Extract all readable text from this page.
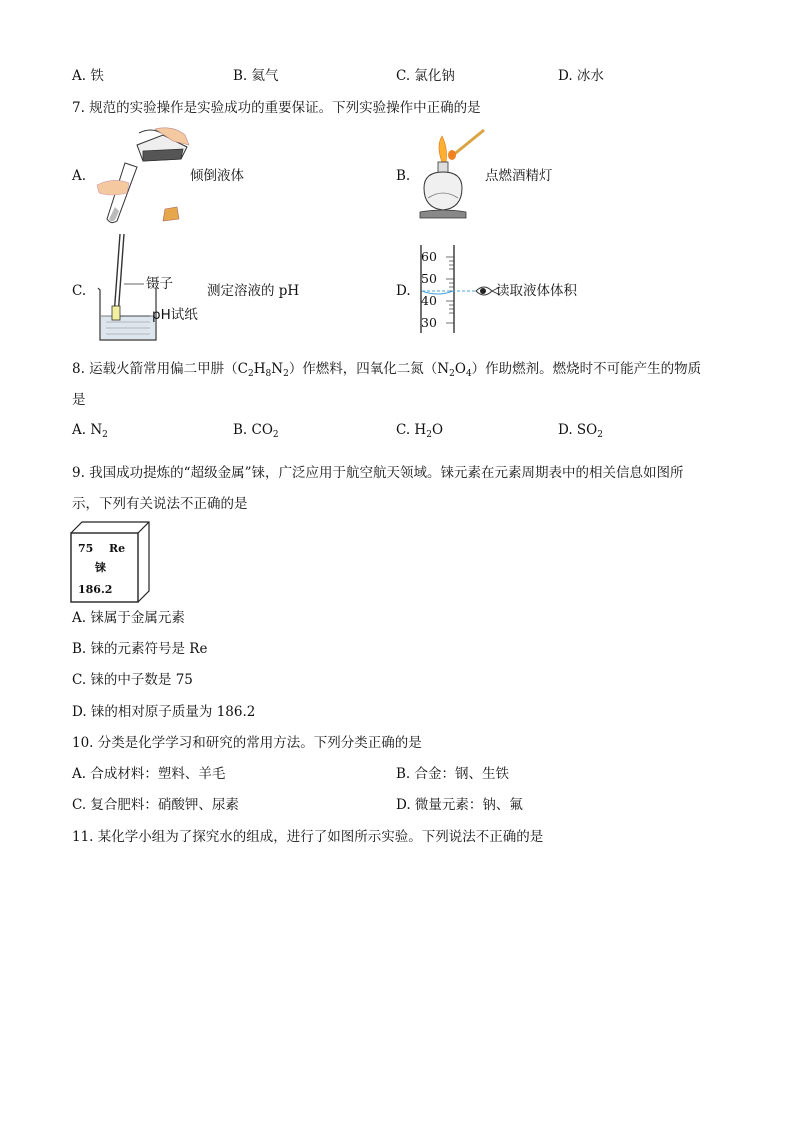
A. 铁	B. 氦气	C. 氯化钠	D. 冰水
7. 规范的实验操作是实验成功的重要保证。下列实验操作中正确的是
A.	倾倒液体	B.	点燃酒精灯
C.	镊子
pH试纸
测定溶液的 pH	D.
60
50
40
30
读取液体体积
8. 运载火箭常用偏二甲肼$(C_2H_8N_2)$作燃料，四氧化二氮$(N_2O_4)$作助燃剂。燃烧时不可能产生的物质
是
A. $N_2$	B. $CO_2$	C. $H_2O$	D. $SO_2$
9. 我国成功提炼的“超级金属”铼，广泛应用于航空航天领域。铼元素在元素周期表中的相关信息如图所
示，下列有关说法不正确的是
75 Re
铼
186.2
A. 铼属于金属元素
B. 铼的元素符号是 Re
C. 铼的中子数是 75
D. 铼的相对原子质量为 186.2
10. 分类是化学学习和研究的常用方法。下列分类正确的是
A. 合成材料：塑料、羊毛	B. 合金：钢、生铁
C. 复合肥料：硝酸钾、尿素	D. 微量元素：钠、氟
11. 某化学小组为了探究水的组成，进行了如图所示实验。下列说法不正确的是
